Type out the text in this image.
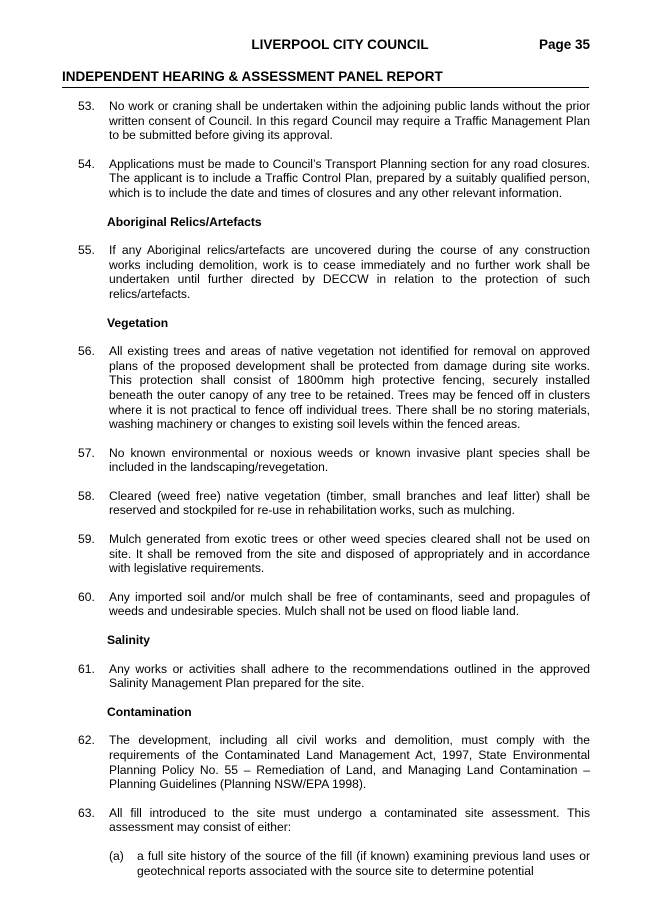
LIVERPOOL CITY COUNCIL	Page 35
INDEPENDENT HEARING & ASSESSMENT PANEL REPORT
53. No work or craning shall be undertaken within the adjoining public lands without the prior written consent of Council. In this regard Council may require a Traffic Management Plan to be submitted before giving its approval.
54. Applications must be made to Council’s Transport Planning section for any road closures. The applicant is to include a Traffic Control Plan, prepared by a suitably qualified person, which is to include the date and times of closures and any other relevant information.
Aboriginal Relics/Artefacts
55. If any Aboriginal relics/artefacts are uncovered during the course of any construction works including demolition, work is to cease immediately and no further work shall be undertaken until further directed by DECCW in relation to the protection of such relics/artefacts.
Vegetation
56. All existing trees and areas of native vegetation not identified for removal on approved plans of the proposed development shall be protected from damage during site works. This protection shall consist of 1800mm high protective fencing, securely installed beneath the outer canopy of any tree to be retained. Trees may be fenced off in clusters where it is not practical to fence off individual trees. There shall be no storing materials, washing machinery or changes to existing soil levels within the fenced areas.
57. No known environmental or noxious weeds or known invasive plant species shall be included in the landscaping/revegetation.
58. Cleared (weed free) native vegetation (timber, small branches and leaf litter) shall be reserved and stockpiled for re-use in rehabilitation works, such as mulching.
59. Mulch generated from exotic trees or other weed species cleared shall not be used on site. It shall be removed from the site and disposed of appropriately and in accordance with legislative requirements.
60. Any imported soil and/or mulch shall be free of contaminants, seed and propagules of weeds and undesirable species. Mulch shall not be used on flood liable land.
Salinity
61. Any works or activities shall adhere to the recommendations outlined in the approved Salinity Management Plan prepared for the site.
Contamination
62. The development, including all civil works and demolition, must comply with the requirements of the Contaminated Land Management Act, 1997, State Environmental Planning Policy No. 55 – Remediation of Land, and Managing Land Contamination – Planning Guidelines (Planning NSW/EPA 1998).
63. All fill introduced to the site must undergo a contaminated site assessment. This assessment may consist of either:
(a) a full site history of the source of the fill (if known) examining previous land uses or geotechnical reports associated with the source site to determine potential
